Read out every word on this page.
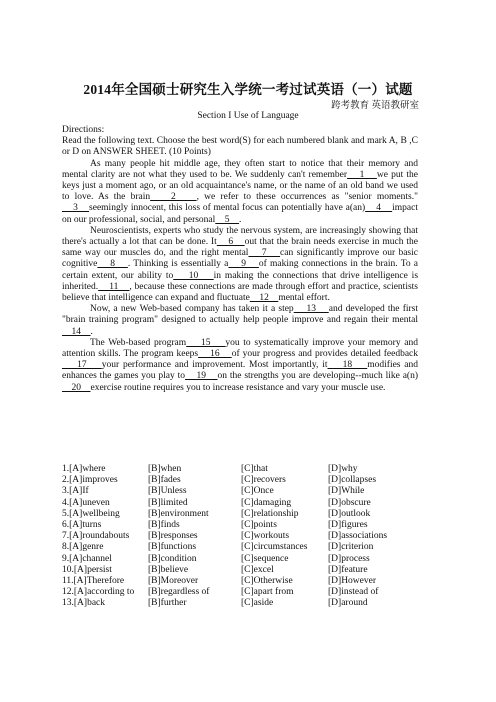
2014年全国硕士研究生入学统一考过试英语（一）试题
跨考教育 英语教研室
Section I Use of Language

Directions:

Read the following text. Choose the best word(S) for each numbered blank and mark A, B ,C or D on ANSWER SHEET. (10 Points)

As many people hit middle age, they often start to notice that their memory and mental clarity are not what they used to be. We suddenly can't remember    1    we put the keys just a moment ago, or an old acquaintance's name, or the name of an old band we used to love. As the brain    2    , we refer to these occurrences as "senior moments."    3    seemingly innocent, this loss of mental focus can potentially have a(an)    4    impact on our professional, social, and personal    5    .

Neuroscientists, experts who study the nervous system, are increasingly showing that there's actually a lot that can be done. It    6    out that the brain needs exercise in much the same way our muscles do, and the right mental    7    can significantly improve our basic cognitive    8    . Thinking is essentially a    9    of making connections in the brain. To a certain extent, our ability to    10    in making the connections that drive intelligence is inherited.    11    , because these connections are made through effort and practice, scientists believe that intelligence can expand and fluctuate    12    mental effort.

Now, a new Web-based company has taken it a step    13    and developed the first "brain training program" designed to actually help people improve and regain their mental    14    .

The Web-based program    15    you to systematically improve your memory and attention skills. The program keeps    16    of your progress and provides detailed feedback    17    your performance and improvement. Most importantly, it    18    modifies and enhances the games you play to    19    on the strengths you are developing--much like a(n)    20    exercise routine requires you to increase resistance and vary your muscle use.

1.[A]where	[B]when	[C]that	[D]why
2.[A]improves	[B]fades	[C]recovers	[D]collapses
3.[A]If	[B]Unless	[C]Once	[D]While
4.[A]uneven	[B]limited	[C]damaging	[D]obscure
5.[A]wellbeing	[B]environment	[C]relationship	[D]outlook
6.[A]turns	[B]finds	[C]points	[D]figures
7.[A]roundabouts	[B]responses	[C]workouts	[D]associations
8.[A]genre	[B]functions	[C]circumstances	[D]criterion
9.[A]channel	[B]condition	[C]sequence	[D]process
10.[A]persist	[B]believe	[C]excel	[D]feature
11.[A]Therefore	[B]Moreover	[C]Otherwise	[D]However
12.[A]according to	[B]regardless of	[C]apart from	[D]instead of
13.[A]back	[B]further	[C]aside	[D]around
